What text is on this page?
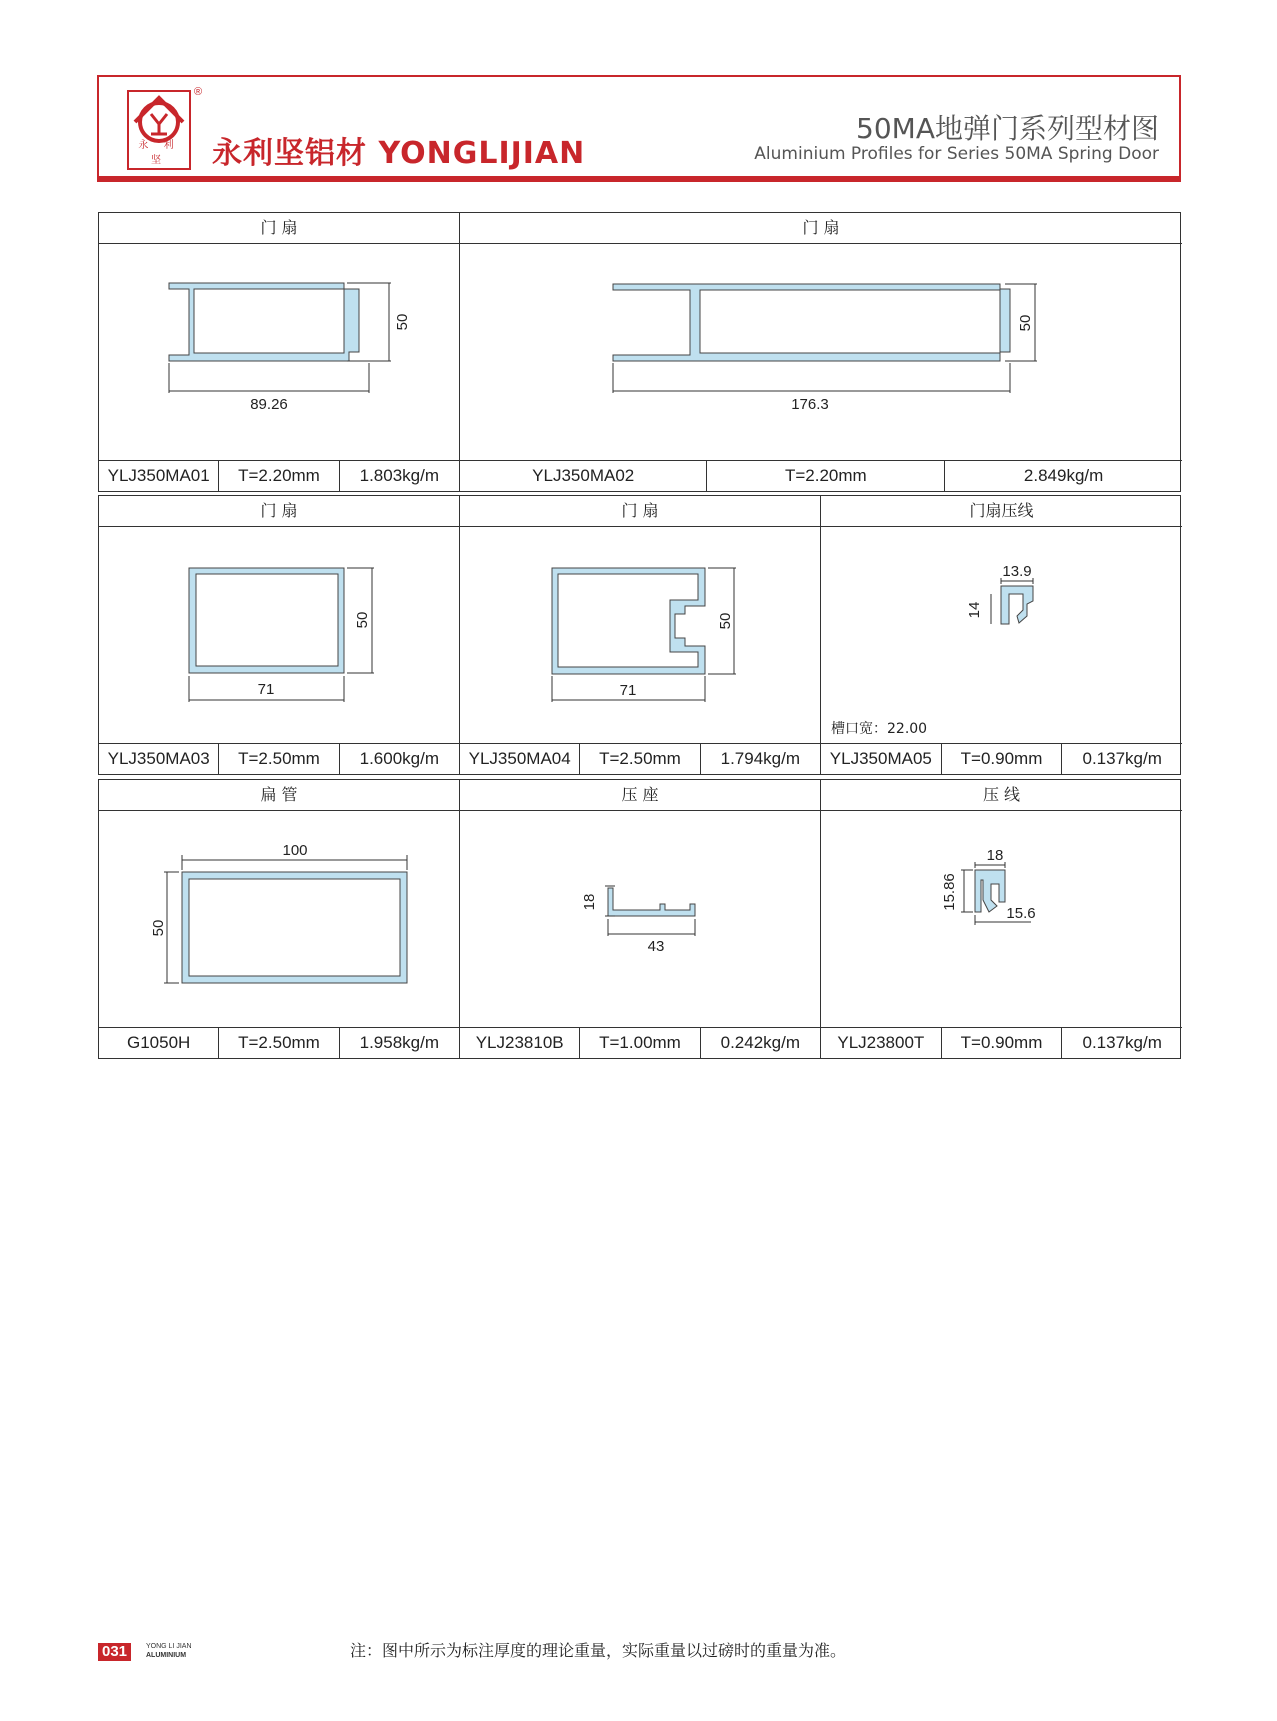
永 利 坚
®
永利坚铝材 YONGLIJIAN
50MA地弹门系列型材图
Aluminium Profiles for Series 50MA Spring Door
门 扇
89.26
50
YLJ350MA01	T=2.20mm	1.803kg/m
门 扇
176.3
50
YLJ350MA02	T=2.20mm	2.849kg/m
门 扇
71
50
YLJ350MA03	T=2.50mm	1.600kg/m
门 扇
71
50
YLJ350MA04	T=2.50mm	1.794kg/m
门扇压线
13.9
14
槽口宽：22.00
YLJ350MA05	T=0.90mm	0.137kg/m
扁 管
100
50
G1050H	T=2.50mm	1.958kg/m
压 座
43
18
YLJ23810B	T=1.00mm	0.242kg/m
压 线
18
15.86
15.6
YLJ23800T	T=0.90mm	0.137kg/m
031	YONG LI JIAN
ALUMINIUM	注：图中所示为标注厚度的理论重量，实际重量以过磅时的重量为准。
